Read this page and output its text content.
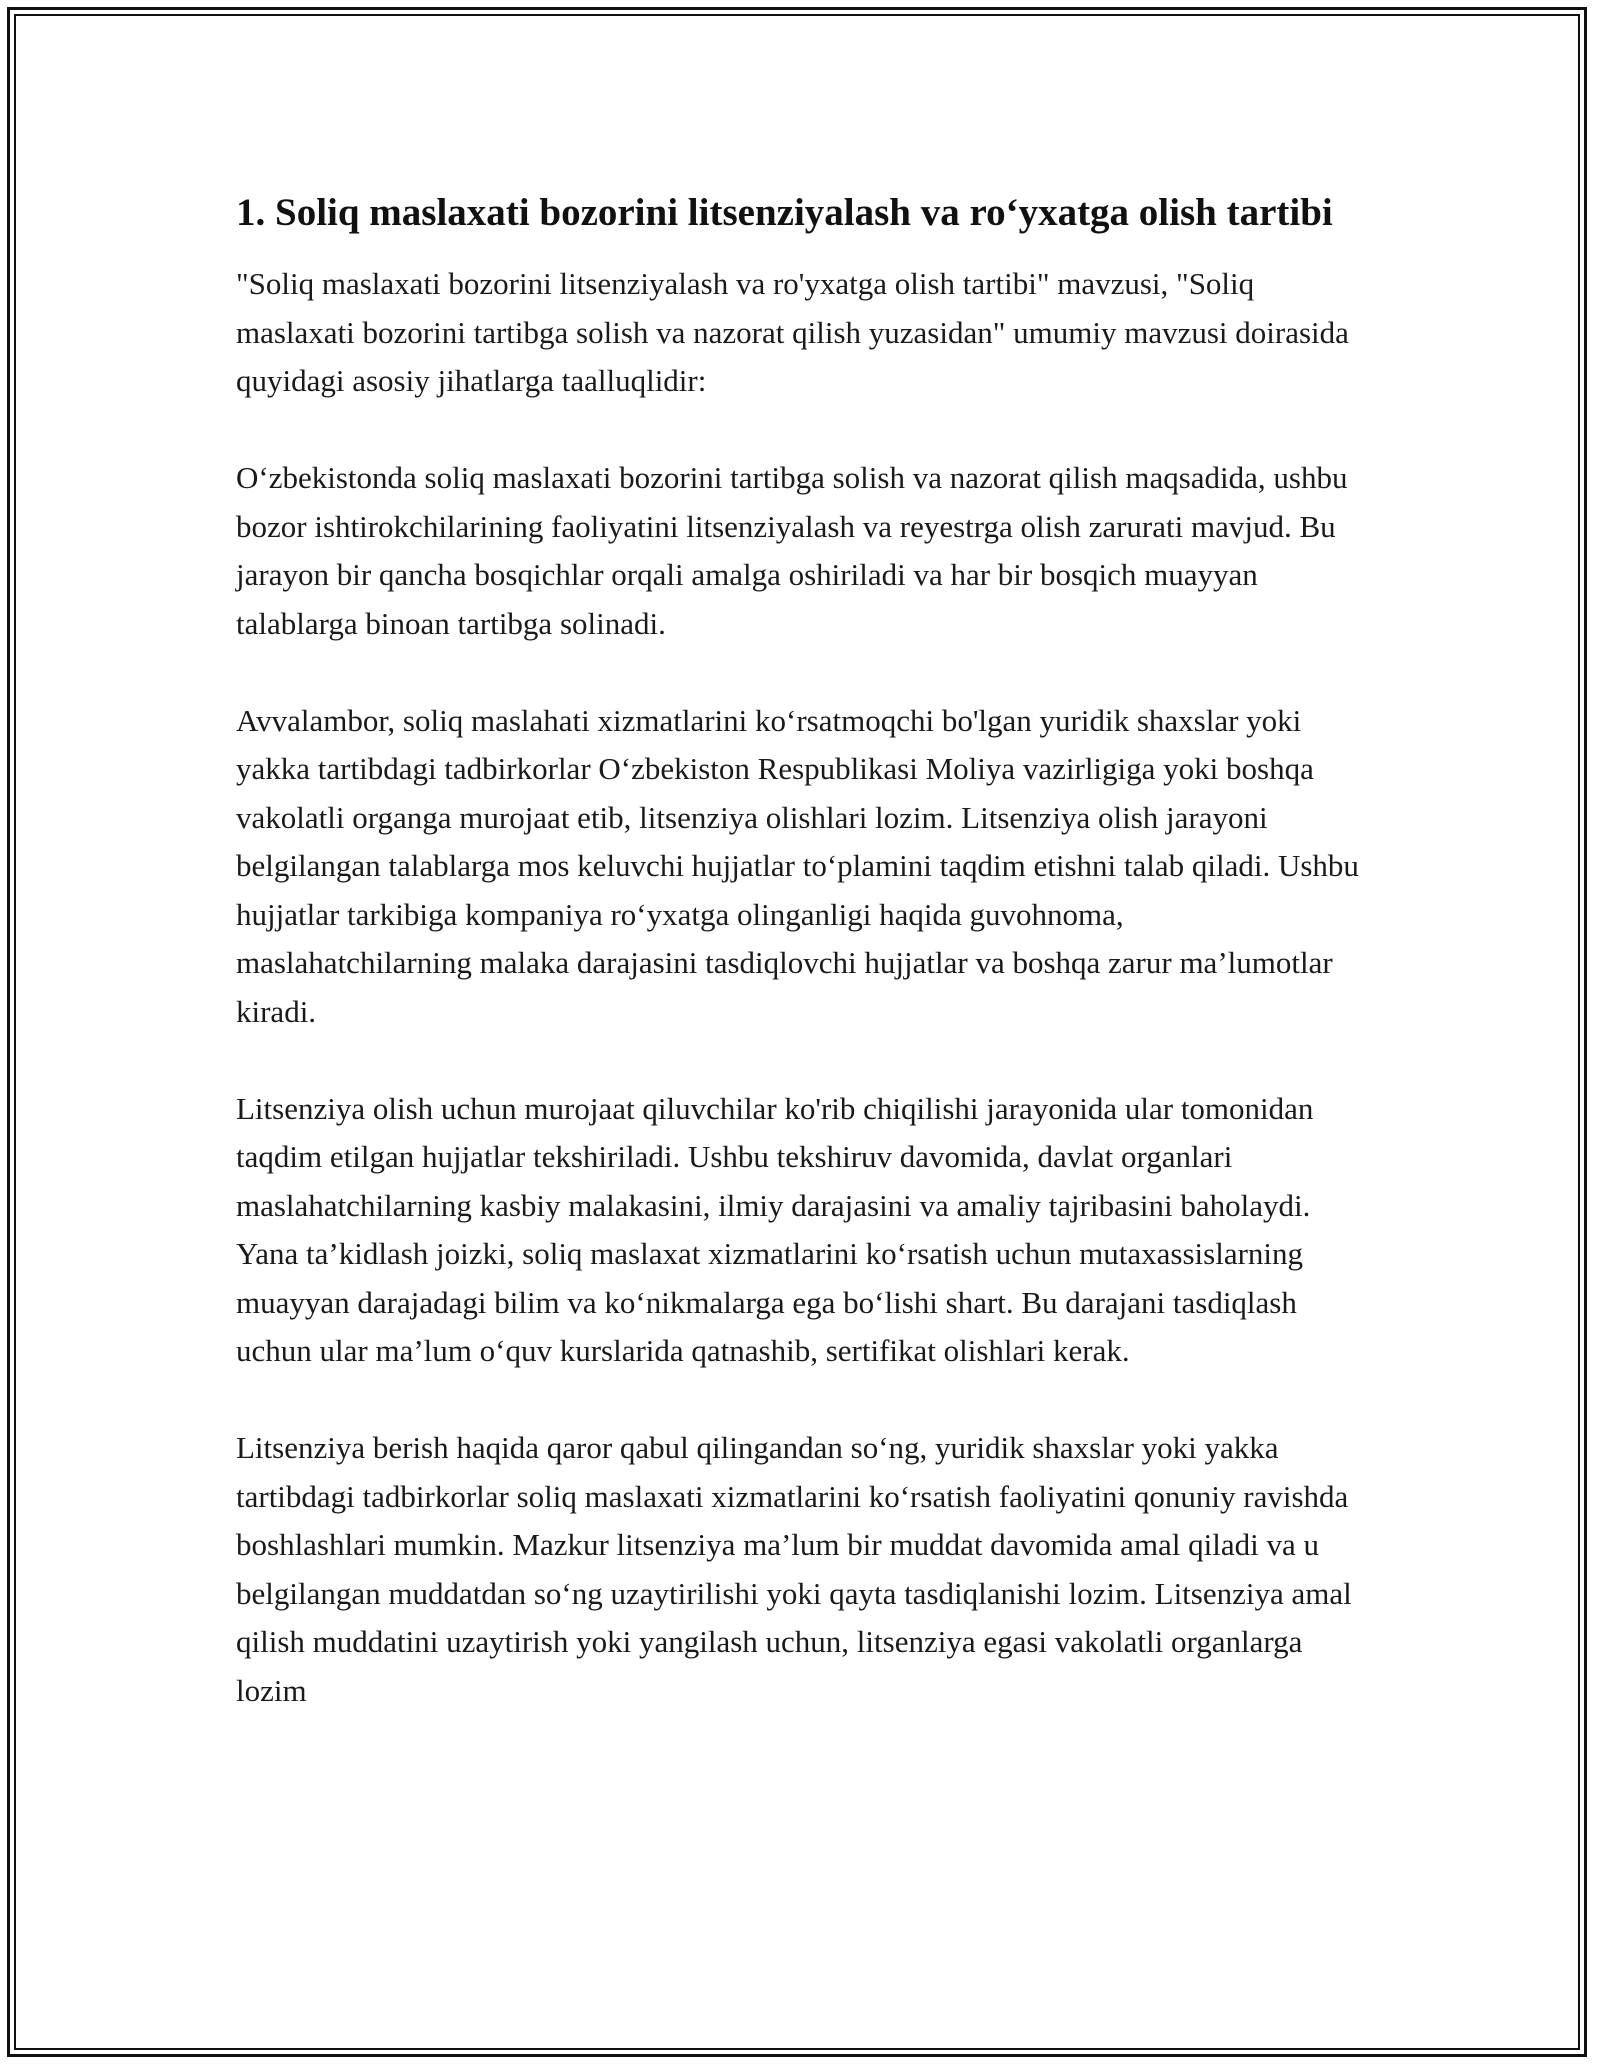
1. Soliq maslaxati bozorini litsenziyalash va ro‘yxatga olish tartibi

"Soliq maslaxati bozorini litsenziyalash va ro'yxatga olish tartibi" mavzusi, "Soliq maslaxati bozorini tartibga solish va nazorat qilish yuzasidan" umumiy mavzusi doirasida quyidagi asosiy jihatlarga taalluqlidir:

O‘zbekistonda soliq maslaxati bozorini tartibga solish va nazorat qilish maqsadida, ushbu bozor ishtirokchilarining faoliyatini litsenziyalash va reyestrga olish zarurati mavjud. Bu jarayon bir qancha bosqichlar orqali amalga oshiriladi va har bir bosqich muayyan talablarga binoan tartibga solinadi.

Avvalambor, soliq maslahati xizmatlarini ko‘rsatmoqchi bo'lgan yuridik shaxslar yoki yakka tartibdagi tadbirkorlar O‘zbekiston Respublikasi Moliya vazirligiga yoki boshqa vakolatli organga murojaat etib, litsenziya olishlari lozim. Litsenziya olish jarayoni belgilangan talablarga mos keluvchi hujjatlar to‘plamini taqdim etishni talab qiladi. Ushbu hujjatlar tarkibiga kompaniya ro‘yxatga olinganligi haqida guvohnoma, maslahatchilarning malaka darajasini tasdiqlovchi hujjatlar va boshqa zarur ma’lumotlar kiradi.

Litsenziya olish uchun murojaat qiluvchilar ko'rib chiqilishi jarayonida ular tomonidan taqdim etilgan hujjatlar tekshiriladi. Ushbu tekshiruv davomida, davlat organlari maslahatchilarning kasbiy malakasini, ilmiy darajasini va amaliy tajribasini baholaydi. Yana ta’kidlash joizki, soliq maslaxat xizmatlarini ko‘rsatish uchun mutaxassislarning muayyan darajadagi bilim va ko‘nikmalarga ega bo‘lishi shart. Bu darajani tasdiqlash uchun ular ma’lum o‘quv kurslarida qatnashib, sertifikat olishlari kerak.

Litsenziya berish haqida qaror qabul qilingandan so‘ng, yuridik shaxslar yoki yakka tartibdagi tadbirkorlar soliq maslaxati xizmatlarini ko‘rsatish faoliyatini qonuniy ravishda boshlashlari mumkin. Mazkur litsenziya ma’lum bir muddat davomida amal qiladi va u belgilangan muddatdan so‘ng uzaytirilishi yoki qayta tasdiqlanishi lozim. Litsenziya amal qilish muddatini uzaytirish yoki yangilash uchun, litsenziya egasi vakolatli organlarga lozim
